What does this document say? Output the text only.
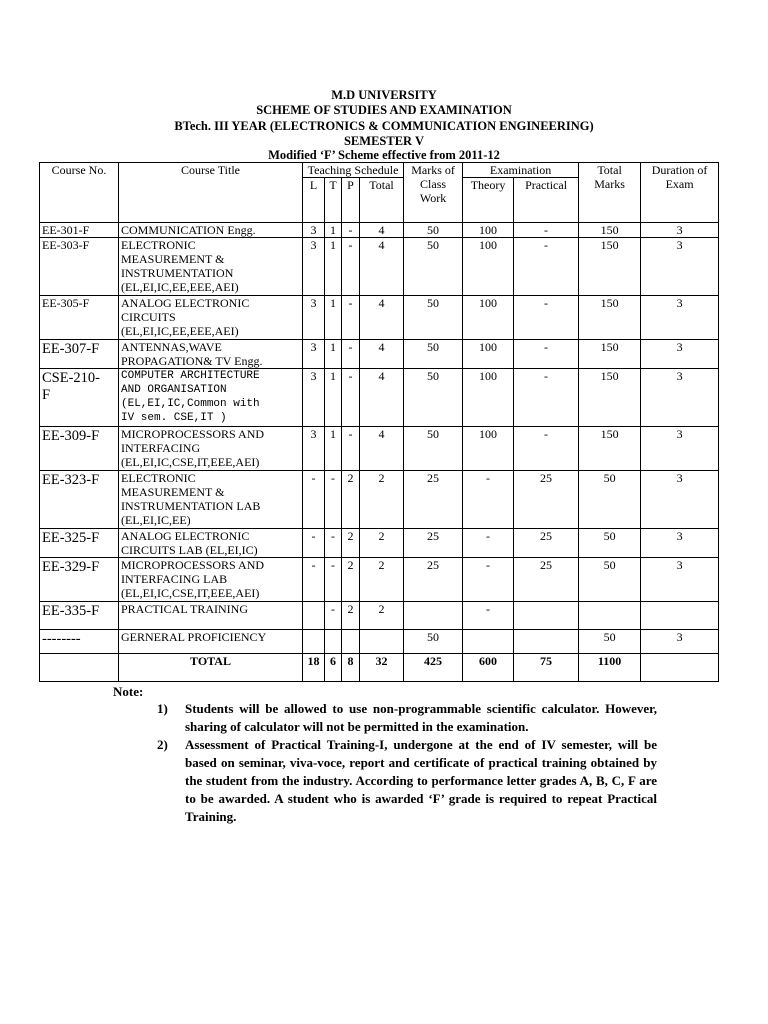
M.D UNIVERSITY
SCHEME OF STUDIES AND EXAMINATION
BTech. III YEAR (ELECTRONICS & COMMUNICATION ENGINEERING)
SEMESTER V
Modified ‘F’ Scheme effective from 2011-12
Course No.	Course Title	Teaching Schedule				Marks of Class Work	Examination		Total Marks	Duration of Exam
		L	T	P	Total		Theory	Practical		
EE-301-F	COMMUNICATION Engg.	3	1	-	4	50	100	-	150	3
EE-303-F	ELECTRONIC
MEASUREMENT &
INSTRUMENTATION
(EL,EI,IC,EE,EEE,AEI)	3	1	-	4	50	100	-	150	3
EE-305-F	ANALOG ELECTRONIC
CIRCUITS
(EL,EI,IC,EE,EEE,AEI)	3	1	-	4	50	100	-	150	3
EE-307-F	ANTENNAS,WAVE
PROPAGATION& TV Engg.	3	1	-	4	50	100	-	150	3
CSE-210-
F	COMPUTER ARCHITECTURE
AND ORGANISATION
(EL,EI,IC,Common with
IV sem. CSE,IT )	3	1	-	4	50	100	-	150	3
EE-309-F	MICROPROCESSORS AND
INTERFACING
(EL,EI,IC,CSE,IT,EEE,AEI)	3	1	-	4	50	100	-	150	3
EE-323-F	ELECTRONIC
MEASUREMENT &
INSTRUMENTATION LAB
(EL,EI,IC,EE)	-	-	2	2	25	-	25	50	3
EE-325-F	ANALOG ELECTRONIC
CIRCUITS LAB (EL,EI,IC)	-	-	2	2	25	-	25	50	3
EE-329-F	MICROPROCESSORS AND
INTERFACING LAB
(EL,EI,IC,CSE,IT,EEE,AEI)	-	-	2	2	25	-	25	50	3
EE-335-F	PRACTICAL TRAINING		-	2	2		-			
--------	GERNERAL PROFICIENCY					50			50	3
	TOTAL	18	6	8	32	425	600	75	1100	
Note:
1)	Students will be allowed to use non-programmable scientific calculator. However, sharing of calculator will not be permitted in the examination.
2)	Assessment of Practical Training-I, undergone at the end of IV semester, will be based on seminar, viva-voce, report and certificate of practical training obtained by the student from the industry. According to performance letter grades A, B, C, F are to be awarded. A student who is awarded ‘F’ grade is required to repeat Practical Training.
